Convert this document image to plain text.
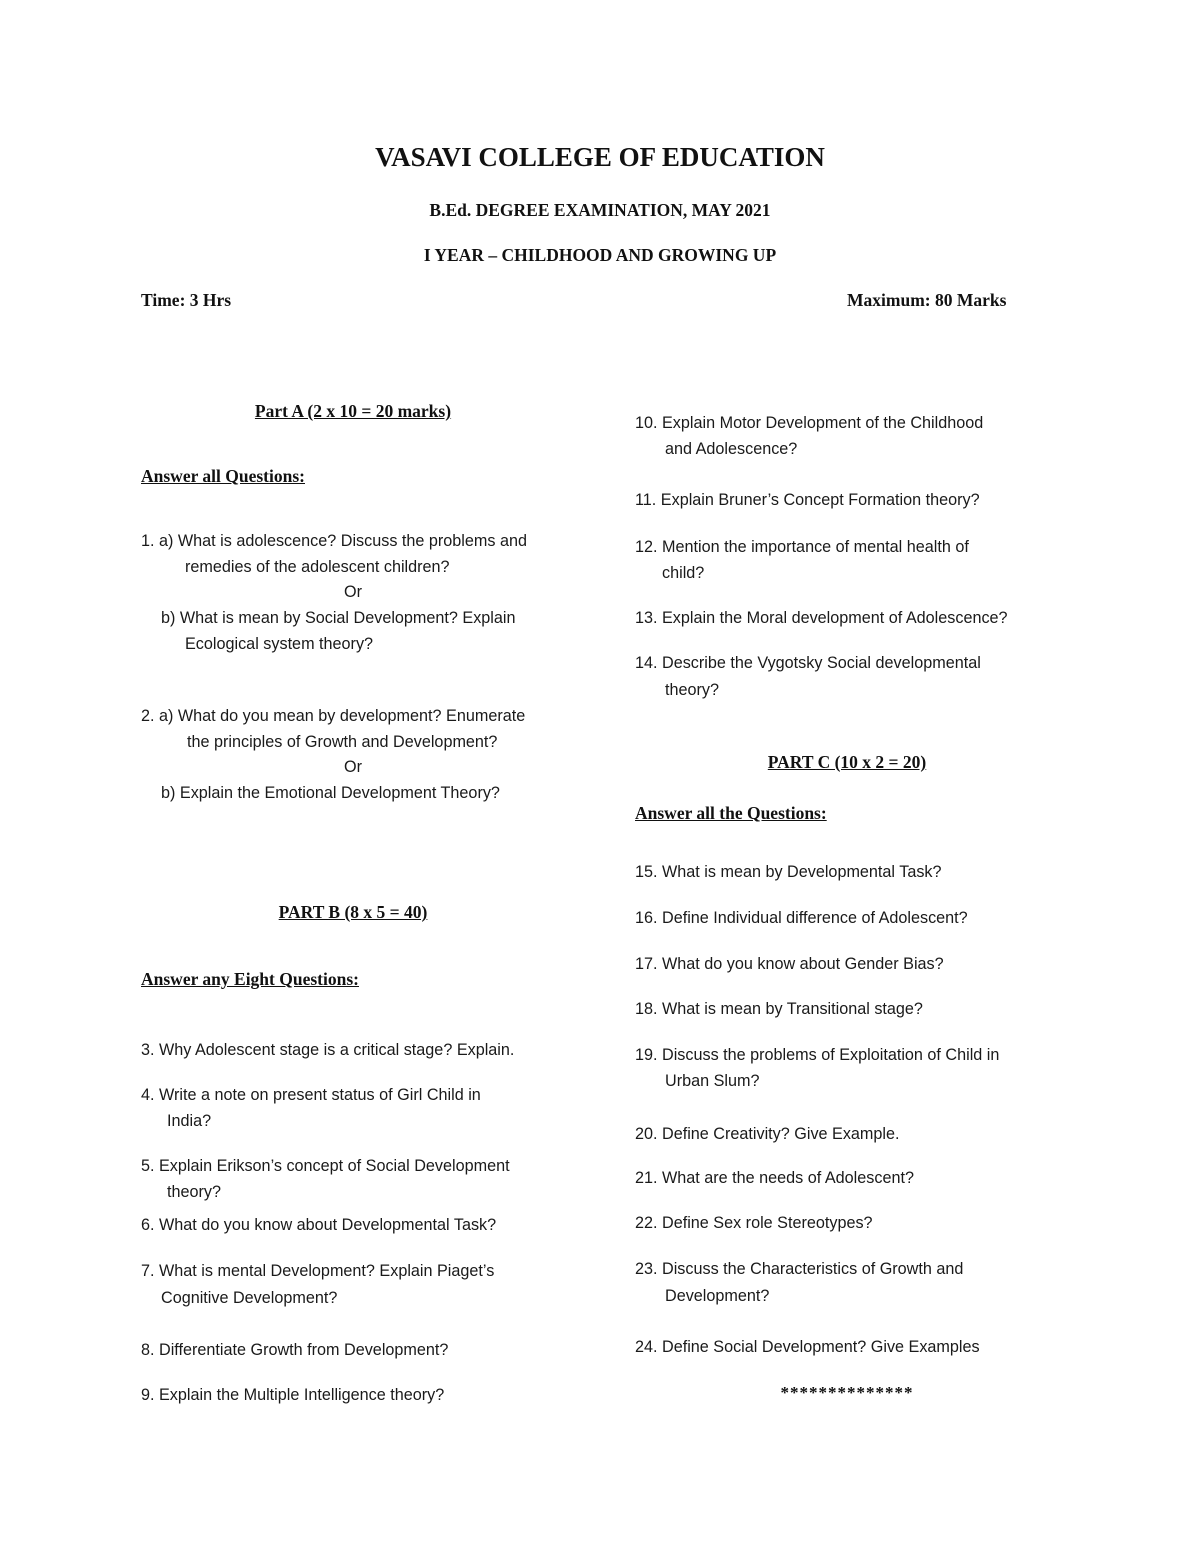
VASAVI COLLEGE OF EDUCATION
B.Ed. DEGREE EXAMINATION, MAY 2021
I YEAR – CHILDHOOD AND GROWING UP
Time: 3 Hrs	Maximum: 80 Marks
Part A (2 x 10 = 20 marks)
Answer all Questions:
1. a) What is adolescence? Discuss the problems and
remedies of the adolescent children?
Or
b) What is mean by Social Development? Explain
Ecological system theory?
2. a) What do you mean by development? Enumerate
the principles of Growth and Development?
Or
b) Explain the Emotional Development Theory?
PART B (8 x 5 = 40)
Answer any Eight Questions:
3. Why Adolescent stage is a critical stage? Explain.
4. Write a note on present status of Girl Child in
India?
5. Explain Erikson’s concept of Social Development
theory?
6. What do you know about Developmental Task?
7. What is mental Development? Explain Piaget’s
Cognitive Development?
8. Differentiate Growth from Development?
9. Explain the Multiple Intelligence theory?
10. Explain Motor Development of the Childhood
and Adolescence?
11. Explain Bruner’s Concept Formation theory?
12. Mention the importance of mental health of
child?
13. Explain the Moral development of Adolescence?
14. Describe the Vygotsky Social developmental
theory?
PART C (10 x 2 = 20)
Answer all the Questions:
15. What is mean by Developmental Task?
16. Define Individual difference of Adolescent?
17. What do you know about Gender Bias?
18. What is mean by Transitional stage?
19. Discuss the problems of Exploitation of Child in
Urban Slum?
20. Define Creativity? Give Example.
21. What are the needs of Adolescent?
22. Define Sex role Stereotypes?
23. Discuss the Characteristics of Growth and
Development?
24. Define Social Development? Give Examples
**************
